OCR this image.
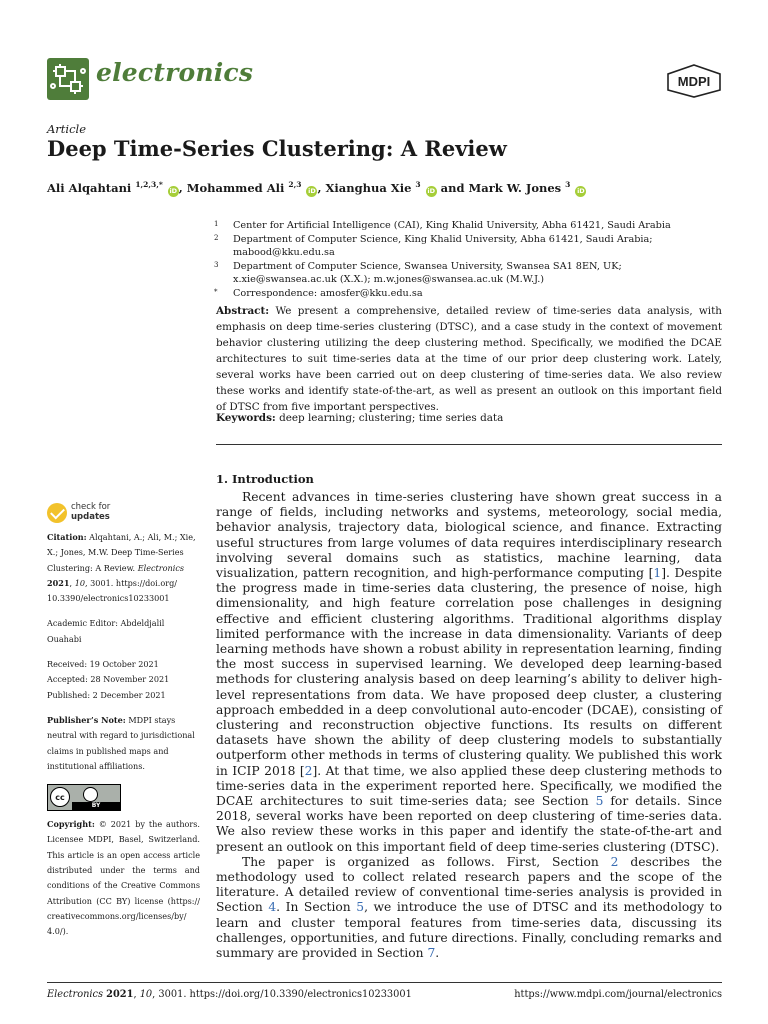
electronics	MDPI
Article
Deep Time-Series Clustering: A Review
Ali Alqahtani $^{1,2,3,*}$ iD , Mohammed Ali $^{2,3}$ iD , Xianghua Xie $^3$ iD and Mark W. Jones $^3$ iD
1	Center for Artificial Intelligence (CAI), King Khalid University, Abha 61421, Saudi Arabia
2	Department of Computer Science, King Khalid University, Abha 61421, Saudi Arabia; mabood@kku.edu.sa
3	Department of Computer Science, Swansea University, Swansea SA1 8EN, UK; x.xie@swansea.ac.uk (X.X.); m.w.jones@swansea.ac.uk (M.W.J.)
*	Correspondence: amosfer@kku.edu.sa
Abstract: We present a comprehensive, detailed review of time-series data analysis, with emphasis on deep time-series clustering (DTSC), and a case study in the context of movement behavior clustering utilizing the deep clustering method. Specifically, we modified the DCAE architectures to suit time-series data at the time of our prior deep clustering work. Lately, several works have been carried out on deep clustering of time-series data. We also review these works and identify state-of-the-art, as well as present an outlook on this important field of DTSC from five important perspectives.
Keywords: deep learning; clustering; time series data
check for
updates
Citation: Alqahtani, A.; Ali, M.; Xie, X.; Jones, M.W. Deep Time-Series Clustering: A Review. Electronics 2021, 10, 3001. https://doi.org/ 10.3390/electronics10233001
Academic Editor: Abdeldjalil Ouahabi
Received: 19 October 2021
Accepted: 28 November 2021
Published: 2 December 2021
Publisher’s Note: MDPI stays neutral with regard to jurisdictional claims in published maps and institutional affiliations.
cc
BY
Copyright: © 2021 by the authors. Licensee MDPI, Basel, Switzerland. This article is an open access article distributed under the terms and conditions of the Creative Commons Attribution (CC BY) license (https:// creativecommons.org/licenses/by/ 4.0/).
1. Introduction

Recent advances in time-series clustering have shown great success in a range of fields, including networks and systems, meteorology, social media, behavior analysis, trajectory data, biological science, and finance. Extracting useful structures from large volumes of data requires interdisciplinary research involving several domains such as statistics, machine learning, data visualization, pattern recognition, and high-performance computing [1]. Despite the progress made in time-series data clustering, the presence of noise, high dimensionality, and high feature correlation pose challenges in designing effective and efficient clustering algorithms. Traditional algorithms display limited performance with the increase in data dimensionality. Variants of deep learning methods have shown a robust ability in representation learning, finding the most success in supervised learning. We developed deep learning-based methods for clustering analysis based on deep learning’s ability to deliver high-level representations from data. We have proposed deep cluster, a clustering approach embedded in a deep convolutional auto-encoder (DCAE), consisting of clustering and reconstruction objective functions. Its results on different datasets have shown the ability of deep clustering models to substantially outperform other methods in terms of clustering quality. We published this work in ICIP 2018 [2]. At that time, we also applied these deep clustering methods to time-series data in the experiment reported here. Specifically, we modified the DCAE architectures to suit time-series data; see Section 5 for details. Since 2018, several works have been reported on deep clustering of time-series data. We also review these works in this paper and identify the state-of-the-art and present an outlook on this important field of deep time-series clustering (DTSC).

The paper is organized as follows. First, Section 2 describes the methodology used to collect related research papers and the scope of the literature. A detailed review of conventional time-series analysis is provided in Section 4. In Section 5, we introduce the use of DTSC and its methodology to learn and cluster temporal features from time-series data, discussing its challenges, opportunities, and future directions. Finally, concluding remarks and summary are provided in Section 7.

Electronics 2021, 10, 3001. https://doi.org/10.3390/electronics10233001	https://www.mdpi.com/journal/electronics
